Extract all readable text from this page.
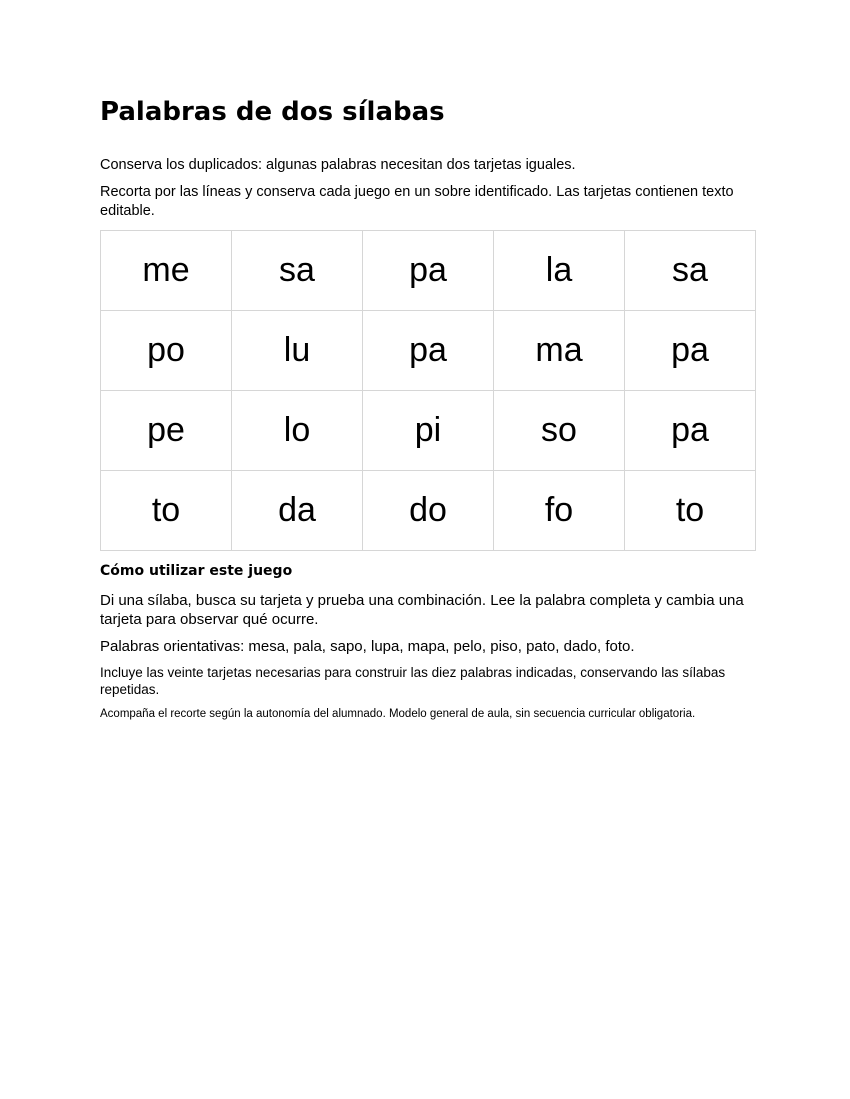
Palabras de dos sílabas

Conserva los duplicados: algunas palabras necesitan dos tarjetas iguales.

Recorta por las líneas y conserva cada juego en un sobre identificado. Las tarjetas contienen texto editable.

me	sa	pa	la	sa
po	lu	pa	ma	pa
pe	lo	pi	so	pa
to	da	do	fo	to
Cómo utilizar este juego

Di una sílaba, busca su tarjeta y prueba una combinación. Lee la palabra completa y cambia una tarjeta para observar qué ocurre.

Palabras orientativas: mesa, pala, sapo, lupa, mapa, pelo, piso, pato, dado, foto.

Incluye las veinte tarjetas necesarias para construir las diez palabras indicadas, conservando las sílabas repetidas.

Acompaña el recorte según la autonomía del alumnado. Modelo general de aula, sin secuencia curricular obligatoria.
